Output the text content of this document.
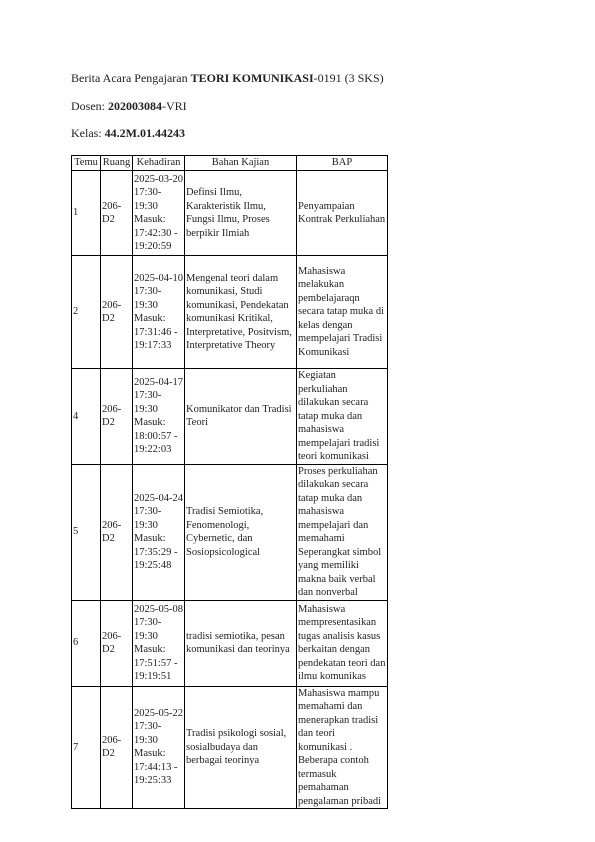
Berita Acara Pengajaran TEORI KOMUNIKASI-0191 (3 SKS)
Dosen: 202003084-VRI
Kelas: 44.2M.01.44243
Temu	Ruang	Kehadiran	Bahan Kajian	BAP
1	206-D2	2025-03-20 17:30-19:30 Masuk: 17:42:30 - 19:20:59	Definsi Ilmu, Karakteristik Ilmu, Fungsi Ilmu, Proses berpikir Ilmiah	Penyampaian Kontrak Perkuliahan
2	206-D2	2025-04-10 17:30-19:30 Masuk: 17:31:46 - 19:17:33	Mengenal teori dalam komunikasi, Studi komunikasi, Pendekatan komunikasi Kritikal, Interpretative, Positvism, Interpretative Theory	Mahasiswa melakukan pembelajaraqn secara tatap muka di kelas dengan mempelajari Tradisi Komunikasi
4	206-D2	2025-04-17 17:30-19:30 Masuk: 18:00:57 - 19:22:03	Komunikator dan Tradisi Teori	Kegiatan perkuliahan dilakukan secara tatap muka dan mahasiswa mempelajari tradisi teori komunikasi
5	206-D2	2025-04-24 17:30-19:30 Masuk: 17:35:29 - 19:25:48	Tradisi Semiotika, Fenomenologi, Cybernetic, dan Sosiopsicological	Proses perkuliahan dilakukan secara tatap muka dan mahasiswa mempelajari dan memahami Seperangkat simbol yang memiliki makna baik verbal dan nonverbal
6	206-D2	2025-05-08 17:30-19:30 Masuk: 17:51:57 - 19:19:51	tradisi semiotika, pesan komunikasi dan teorinya	Mahasiswa mempresentasikan tugas analisis kasus berkaitan dengan pendekatan teori dan ilmu komunikas
7	206-D2	2025-05-22 17:30-19:30 Masuk: 17:44:13 - 19:25:33	Tradisi psikologi sosial, sosialbudaya dan berbagai teorinya	Mahasiswa mampu memahami dan menerapkan tradisi dan teori komunikasi . Beberapa contoh termasuk pemahaman pengalaman pribadi
